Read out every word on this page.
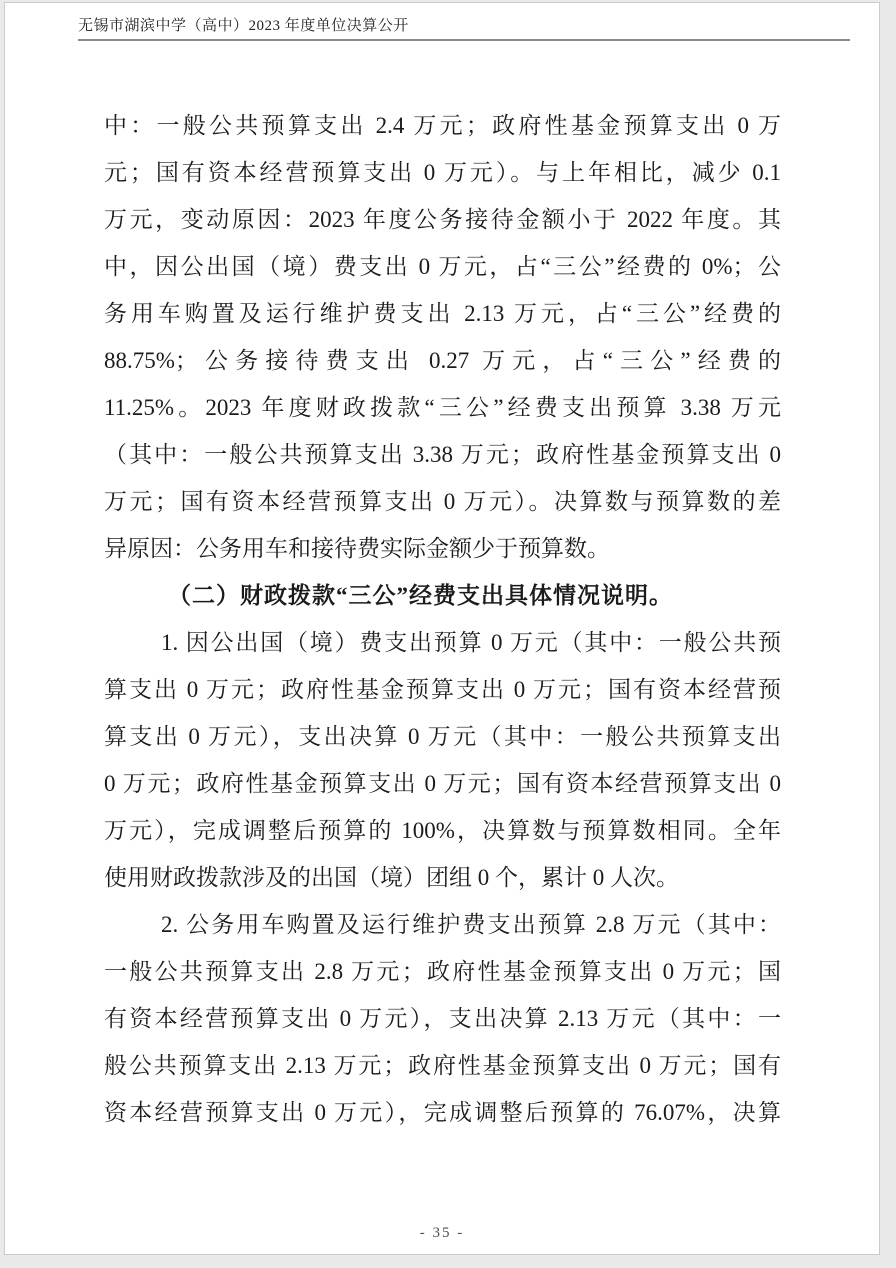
无锡市湖滨中学（高中）2023 年度单位决算公开
中：一般公共预算支出 2.4 万元；政府性基金预算支出 0 万
元；国有资本经营预算支出 0 万元）。与上年相比，减少 0.1
万元，变动原因：2023 年度公务接待金额小于 2022 年度。其
中，因公出国（境）费支出 0 万元，占“三公”经费的 0%；公
务用车购置及运行维护费支出 2.13 万元，占“三公”经费的
88.75%；公务接待费支出 0.27 万元，占“三公”经费的
11.25%。2023 年度财政拨款“三公”经费支出预算 3.38 万元
（其中：一般公共预算支出 3.38 万元；政府性基金预算支出 0
万元；国有资本经营预算支出 0 万元）。决算数与预算数的差
异原因：公务用车和接待费实际金额少于预算数。
（二）财政拨款“三公”经费支出具体情况说明。
1. 因公出国（境）费支出预算 0 万元（其中：一般公共预
算支出 0 万元；政府性基金预算支出 0 万元；国有资本经营预
算支出 0 万元），支出决算 0 万元（其中：一般公共预算支出
0 万元；政府性基金预算支出 0 万元；国有资本经营预算支出 0
万元），完成调整后预算的 100%，决算数与预算数相同。全年
使用财政拨款涉及的出国（境）团组 0 个，累计 0 人次。
2. 公务用车购置及运行维护费支出预算 2.8 万元（其中：
一般公共预算支出 2.8 万元；政府性基金预算支出 0 万元；国
有资本经营预算支出 0 万元），支出决算 2.13 万元（其中：一
般公共预算支出 2.13 万元；政府性基金预算支出 0 万元；国有
资本经营预算支出 0 万元），完成调整后预算的 76.07%，决算
- 35 -
